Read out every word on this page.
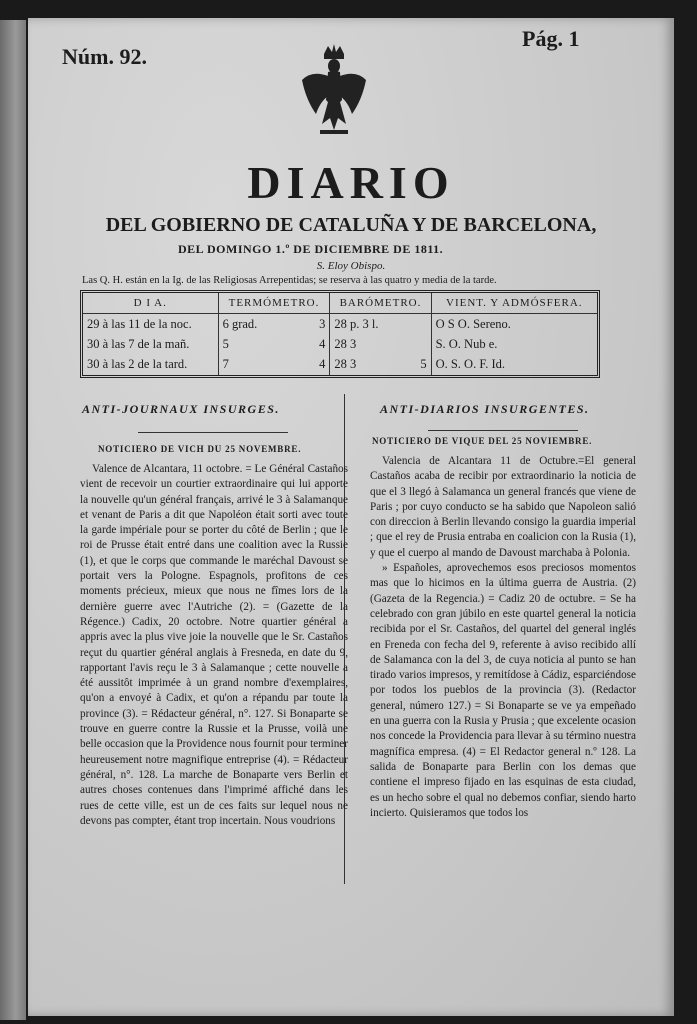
Núm. 92.
Pág. 1
DIARIO
DEL GOBIERNO DE CATALUÑA Y DE BARCELONA,
DEL DOMINGO 1.º DE DICIEMBRE DE 1811.
S. Eloy Obispo.
Las Q. H. están en la Ig. de las Religiosas Arrepentidas; se reserva à las quatro y media de la tarde.
D I A.	TERMÓMETRO.		BARÓMETRO.		VIENT. Y ADMÓSFERA.
29 à las 11 de la noc.	6 grad.	3	28 p. 3 l.		O S O. Sereno.
30 à las 7 de la mañ.	5	4	28 3		S. O. Nub e.
30 à las 2 de la tard.	7	4	28 3	5	O. S. O. F. Id.
ANTI-JOURNAUX INSURGES.	ANTI-DIARIOS INSURGENTES.
NOTICIERO DE VICH DU 25 NOVEMBRE.
NOTICIERO DE VIQUE DEL 25 NOVIEMBRE.

Valence de Alcantara, 11 octobre. = Le Général Castaños vient de recevoir un courtier extraordinaire qui lui apporte la nouvelle qu'un général français, arrivé le 3 à Salamanque et venant de Paris a dit que Napoléon était sorti avec toute la garde impériale pour se porter du côté de Berlin ; que le roi de Prusse était entré dans une coalition avec la Russie (1), et que le corps que commande le maréchal Davoust se portait vers la Pologne. Espagnols, profitons de ces moments précieux, mieux que nous ne fîmes lors de la dernière guerre avec l'Autriche (2). = (Gazette de la Régence.) Cadix, 20 octobre. Notre quartier général a appris avec la plus vive joie la nouvelle que le Sr. Castaños reçut du quartier général anglais à Fresneda, en date du 9, rapportant l'avis reçu le 3 à Salamanque ; cette nouvelle a été aussitôt imprimée à un grand nombre d'exemplaires, qu'on a envoyé à Cadix, et qu'on a répandu par toute la province (3). = Rédacteur général, n°. 127. Si Bonaparte se trouve en guerre contre la Russie et la Prusse, voilà une belle occasion que la Providence nous fournit pour terminer heureusement notre magnifique entreprise (4). = Rédacteur général, n°. 128. La marche de Bonaparte vers Berlin et autres choses contenues dans l'imprimé affiché dans les rues de cette ville, est un de ces faits sur lequel nous ne devons pas compter, étant trop incertain. Nous voudrions

Valencia de Alcantara 11 de Octubre.=El general Castaños acaba de recibir por extraordinario la noticia de que el 3 llegó à Salamanca un general francés que viene de Paris ; por cuyo conducto se ha sabido que Napoleon salió con direccion à Berlin llevando consigo la guardia imperial ; que el rey de Prusia entraba en coalicion con la Rusia (1), y que el cuerpo al mando de Davoust marchaba à Polonia.

» Españoles, aprovechemos esos preciosos momentos mas que lo hicimos en la última guerra de Austria. (2) (Gazeta de la Regencia.) = Cadiz 20 de octubre. = Se ha celebrado con gran júbilo en este quartel general la noticia recibida por el Sr. Castaños, del quartel del general inglés en Freneda con fecha del 9, referente à aviso recibido allí de Salamanca con la del 3, de cuya noticia al punto se han tirado varios impresos, y remitídose à Cádiz, esparciéndose por todos los pueblos de la provincia (3). (Redactor general, número 127.) = Si Bonaparte se ve ya empeñado en una guerra con la Rusia y Prusia ; que excelente ocasion nos concede la Providencia para llevar à su término nuestra magnífica empresa. (4) = El Redactor general n.º 128. La salida de Bonaparte para Berlin con los demas que contiene el impreso fijado en las esquinas de esta ciudad, es un hecho sobre el qual no debemos confiar, siendo harto incierto. Quisieramos que todos los
